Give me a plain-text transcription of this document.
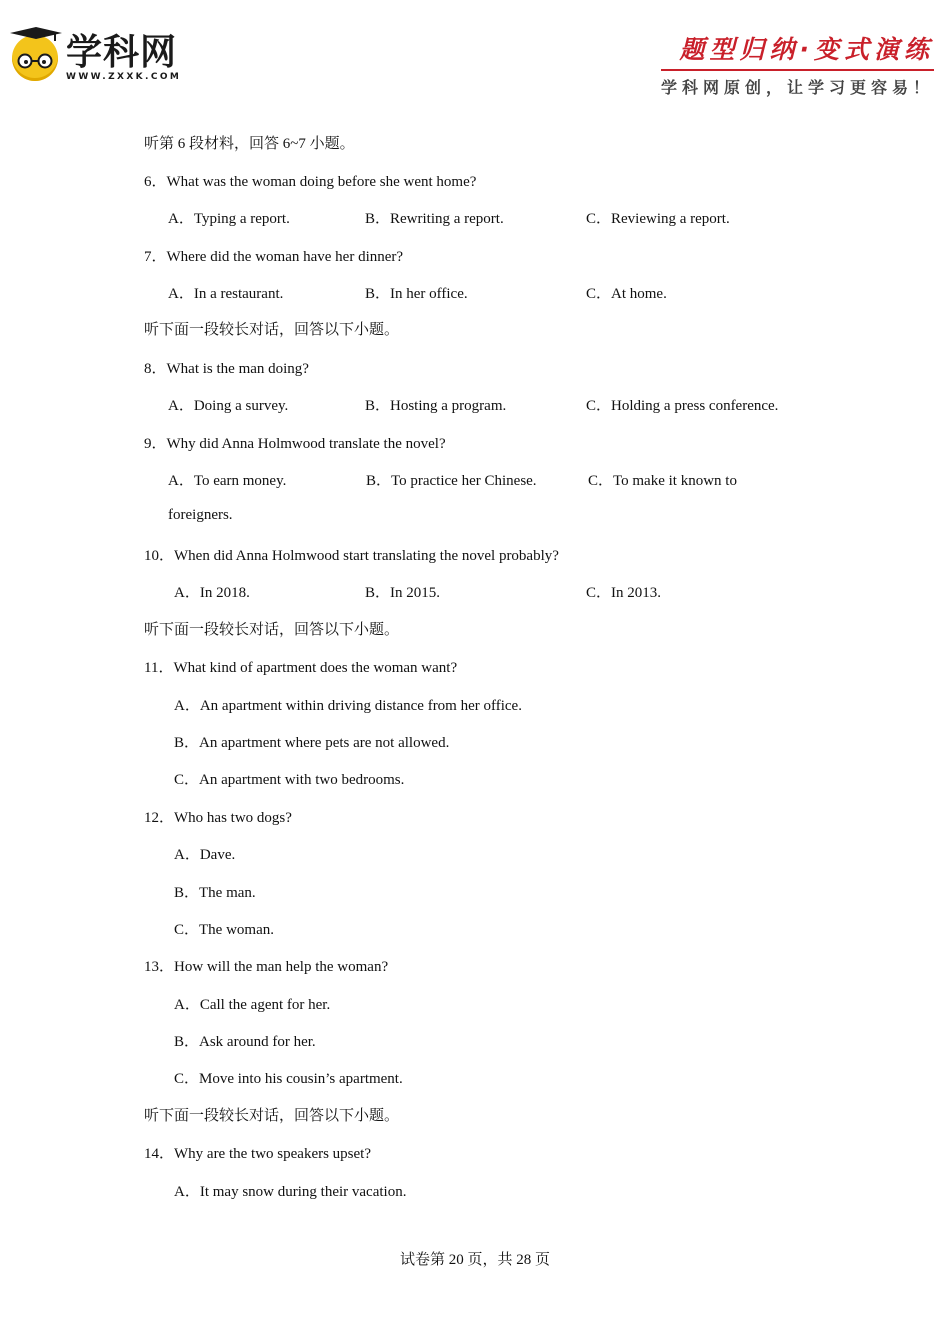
学科网
WWW.ZXXK.COM
题型归纳·变式演练
学科网原创，让学习更容易！
听第 6 段材料，回答 6~7 小题。
6．What was the woman doing before she went home?
A．Typing a report.	B．Rewriting a report.	C．Reviewing a report.
7．Where did the woman have her dinner?
A．In a restaurant.	B．In her office.	C．At home.
听下面一段较长对话，回答以下小题。
8．What is the man doing?
A．Doing a survey.	B．Hosting a program.	C．Holding a press conference.
9．Why did Anna Holmwood translate the novel?
A．To earn money.	B．To practice her Chinese.	C．To make it known to
foreigners.
10．When did Anna Holmwood start translating the novel probably?
A．In 2018.	B．In 2015.	C．In 2013.
听下面一段较长对话，回答以下小题。
11．What kind of apartment does the woman want?
A．An apartment within driving distance from her office.
B．An apartment where pets are not allowed.
C．An apartment with two bedrooms.
12．Who has two dogs?
A．Dave.
B．The man.
C．The woman.
13．How will the man help the woman?
A．Call the agent for her.
B．Ask around for her.
C．Move into his cousin’s apartment.
听下面一段较长对话，回答以下小题。
14．Why are the two speakers upset?
A．It may snow during their vacation.
试卷第 20 页，共 28 页
